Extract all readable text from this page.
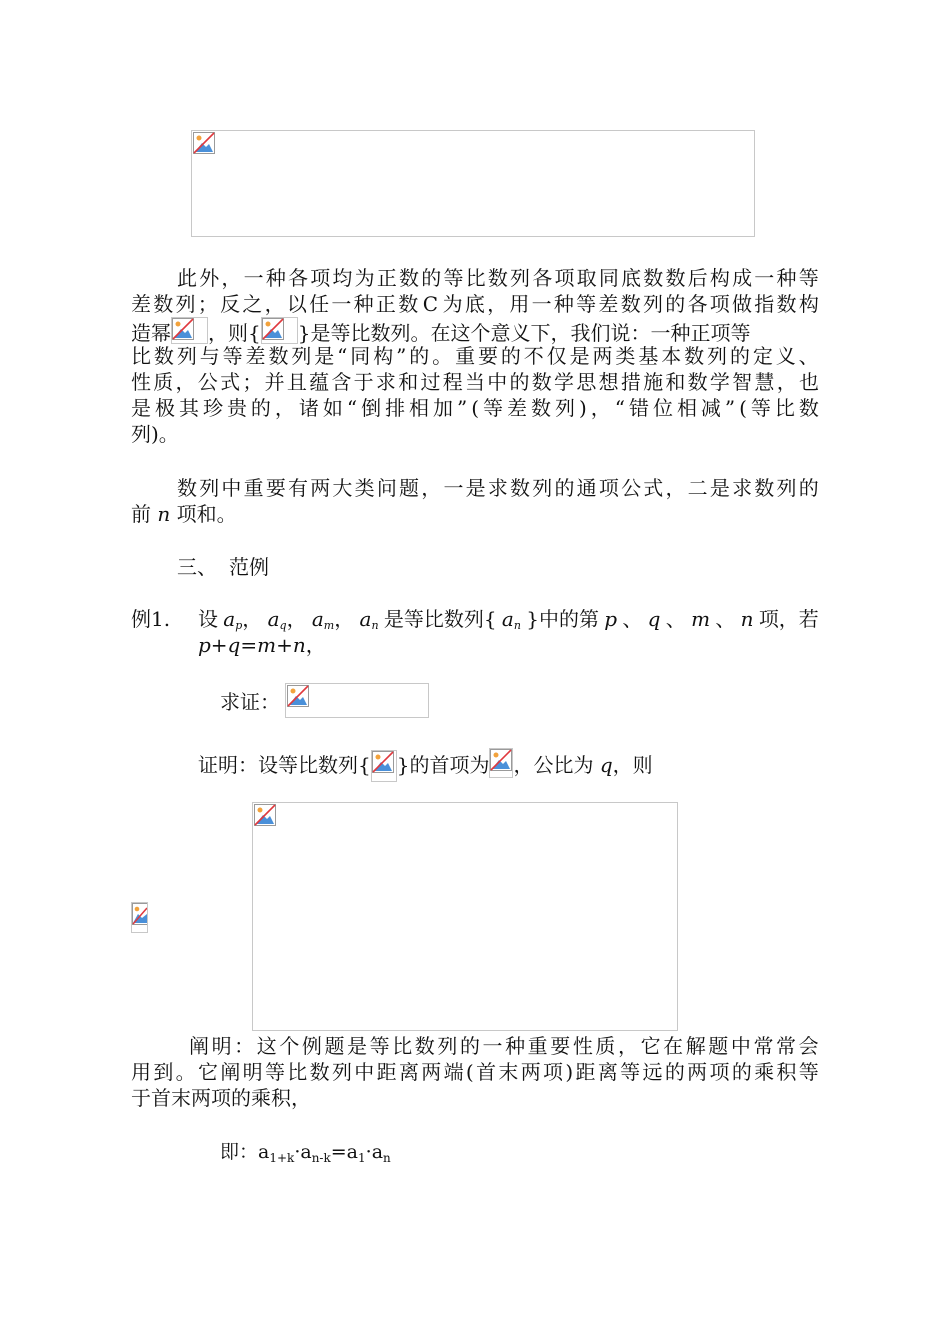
此 外 ， 一 种 各 项 均 为 正 数 的 等 比 数 列 各 项 取 同 底 数 数 后 构 成 一 种 等
差 数 列 ； 反 之 ， 以 任 一 种 正 数 C 为 底 ， 用 一 种 等 差 数 列 的 各 项 做 指 数 构
造幂 ，则{ }是等比数列。在这个意义下，我们说：一种正项等
比 数 列 与 等 差 数 列 是 “ 同 构 ” 的 。 重 要 的 不 仅 是 两 类 基 本 数 列 的 定 义 、
性 质 ， 公 式 ； 并 且 蕴 含 于 求 和 过 程 当 中 的 数 学 思 想 措 施 和 数 学 智 慧 ， 也
是 极 其 珍 贵 的 ， 诸 如 “ 倒 排 相 加 ” ( 等 差 数 列 ) ， “ 错 位 相 减 ” ( 等 比 数
列)。
数 列 中 重 要 有 两 大 类 问 题 ， 一 是 求 数 列 的 通 项 公 式 ， 二 是 求 数 列 的
前 n 项和。
三、 范例
例1. 设 $a_p$， $a_q$， $a_m$， $a_n$ 是等比数列{ $a_n$ }中的第 p 、 q 、 m 、 n 项，若
p+q=m+n，
求证：
证明：设等比数列{ }的首项为 ，公比为 q，则
阐 明 ： 这 个 例 题 是 等 比 数 列 的 一 种 重 要 性 质 ， 它 在 解 题 中 常 常 会
用 到 。 它 阐 明 等 比 数 列 中 距 离 两 端 ( 首 末 两 项 ) 距 离 等 远 的 两 项 的 乘 积 等
于首末两项的乘积，
即：$a_{1+k}\cdot a_{n-k}=a_1\cdot a_n$
